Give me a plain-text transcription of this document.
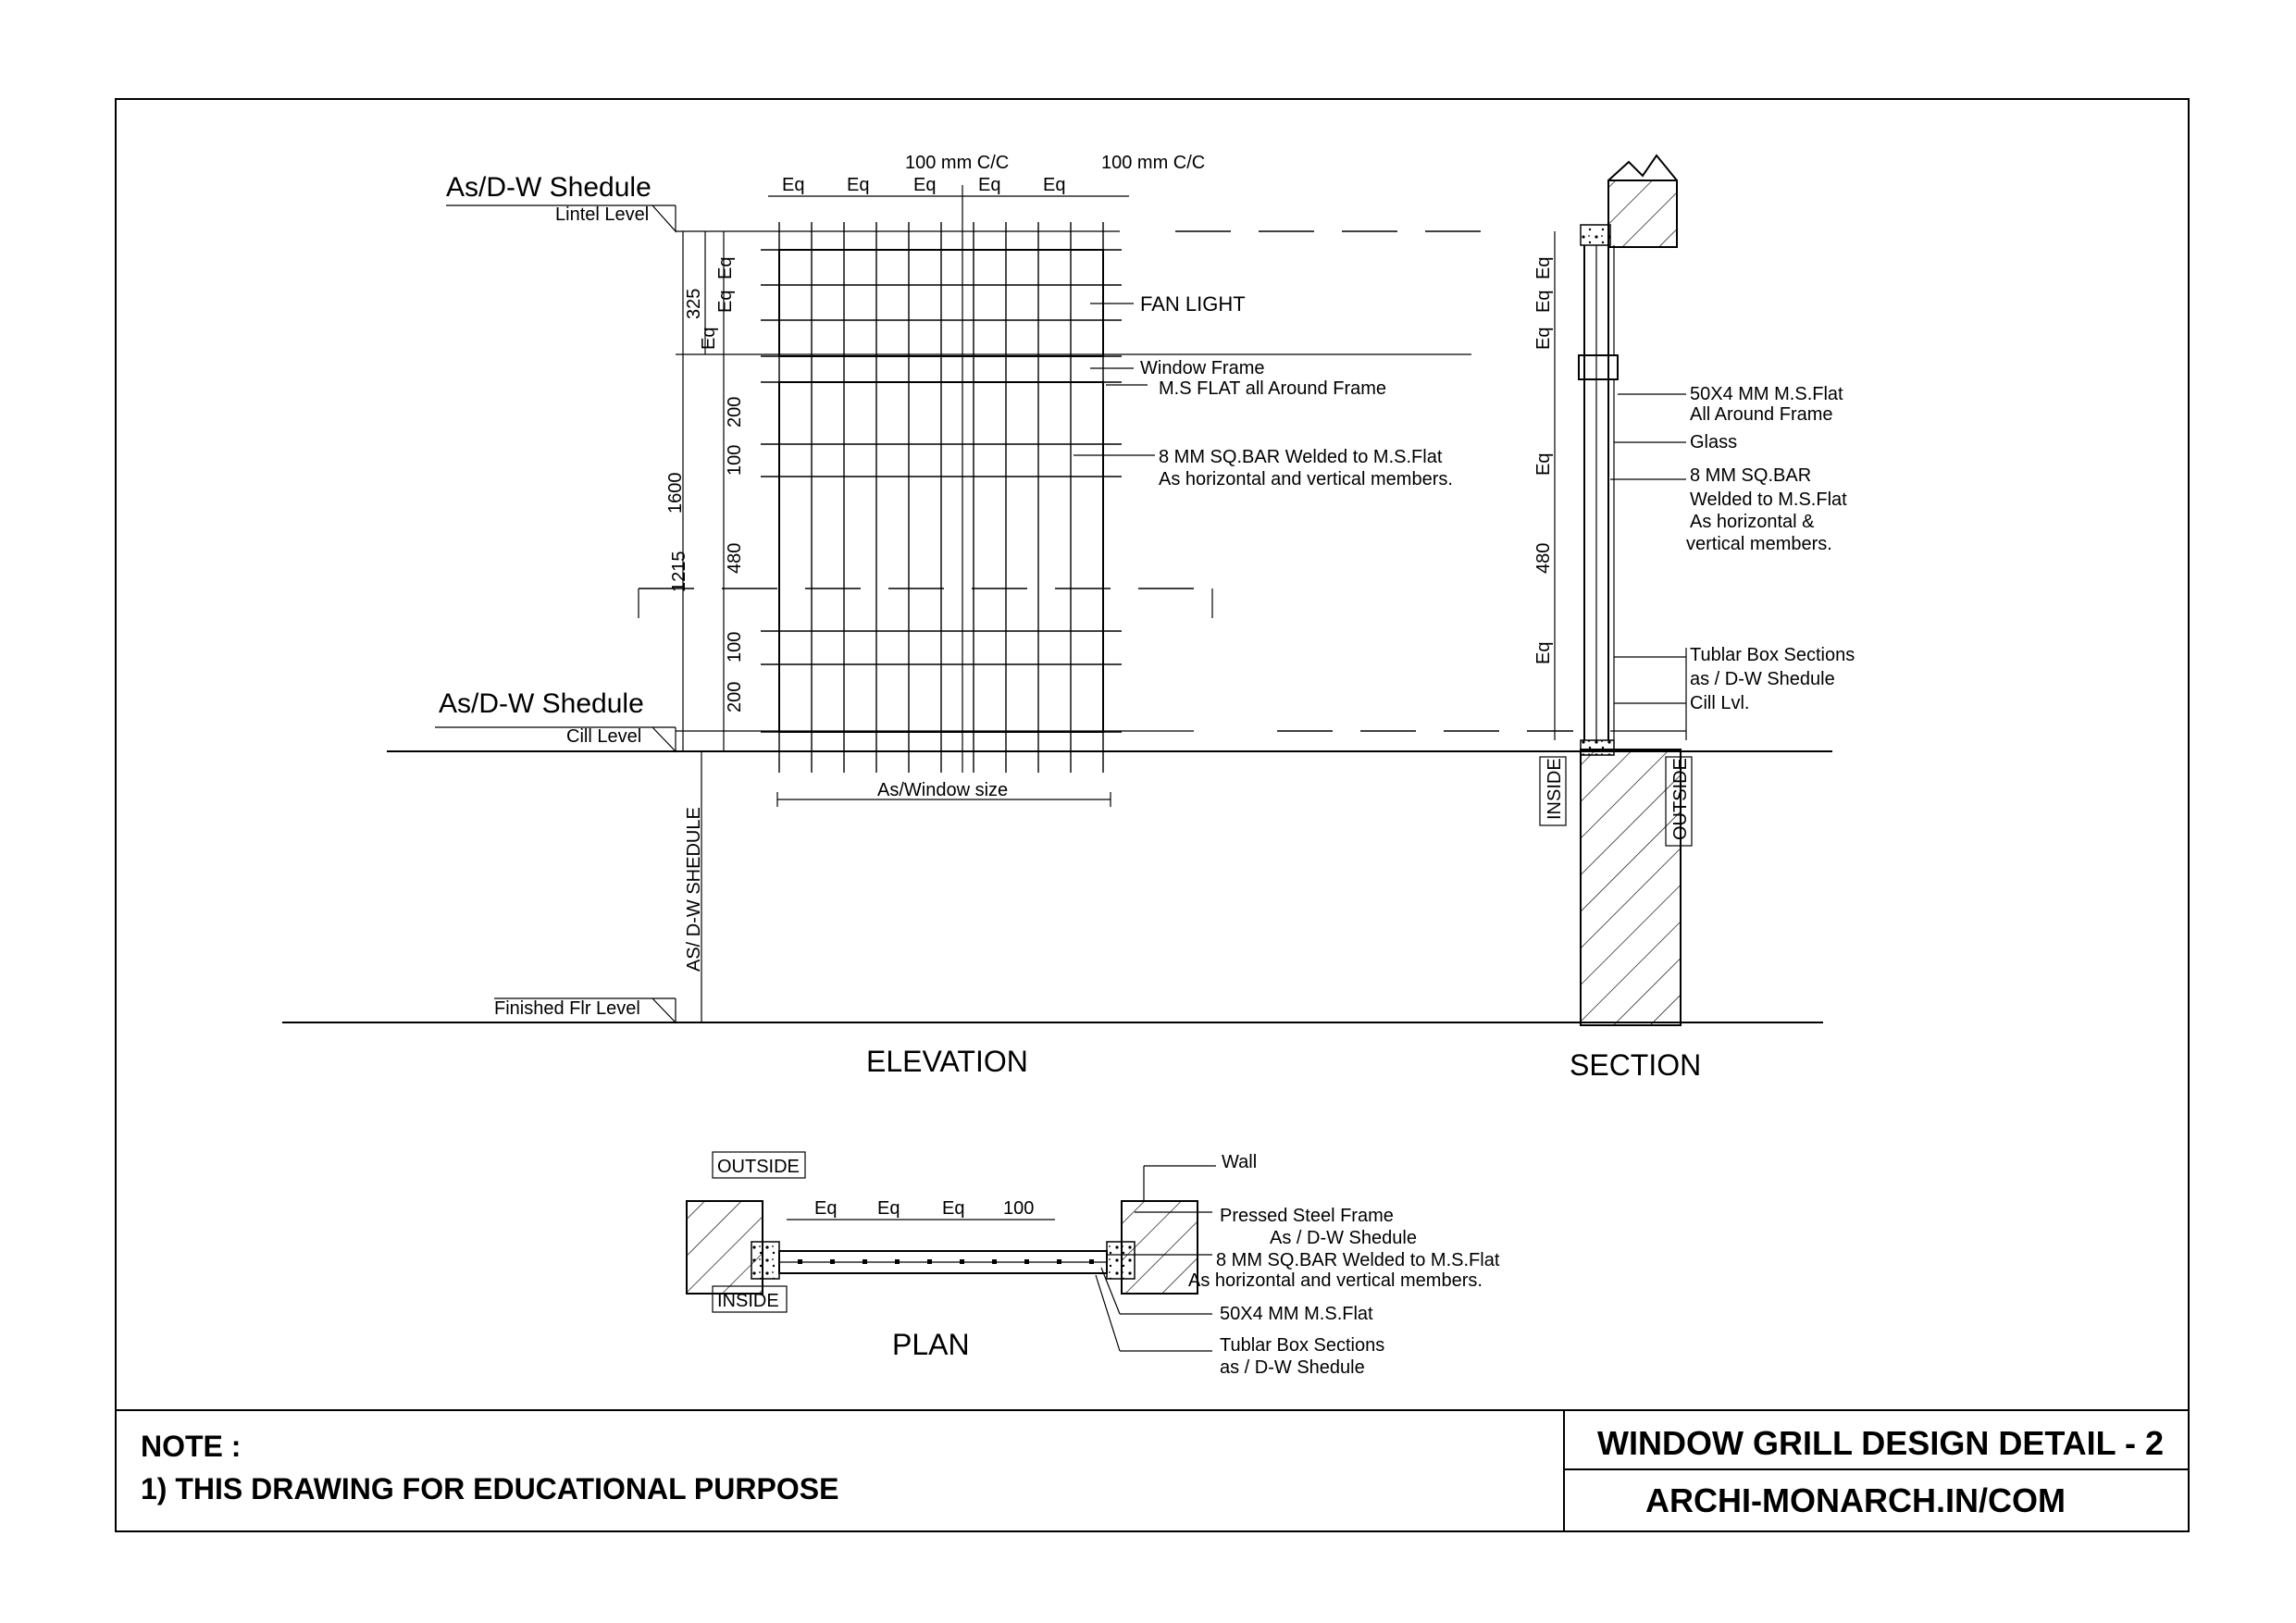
As/D-W Shedule
Lintel Level
As/D-W Shedule
Cill Level
Finished Flr Level
AS/ D-W SHEDULE
100 mm C/C	100 mm C/C
Eq Eq Eq Eq Eq
Eq
Eq
Eq
325
1600
1215
200
100
480
100
200
As/Window size
FAN LIGHT
Window Frame
M.S FLAT all Around Frame
8 MM SQ.BAR Welded to M.S.Flat
As horizontal and vertical members.
ELEVATION
Eq
Eq
Eq
Eq
Eq
480
50X4 MM M.S.Flat
All Around Frame
Glass
8 MM SQ.BAR
Welded to M.S.Flat
As horizontal &
vertical members.
Tublar Box Sections
as / D-W Shedule
Cill Lvl.
INSIDE	OUTSIDE
SECTION
OUTSIDE
INSIDE
Eq Eq Eq 100
Wall
Pressed Steel Frame
As / D-W Shedule
8 MM SQ.BAR Welded to M.S.Flat
As horizontal and vertical members.
50X4 MM M.S.Flat
Tublar Box Sections
as / D-W Shedule
PLAN
NOTE :
1) THIS DRAWING FOR EDUCATIONAL PURPOSE
WINDOW GRILL DESIGN DETAIL - 2
ARCHI-MONARCH.IN/COM
